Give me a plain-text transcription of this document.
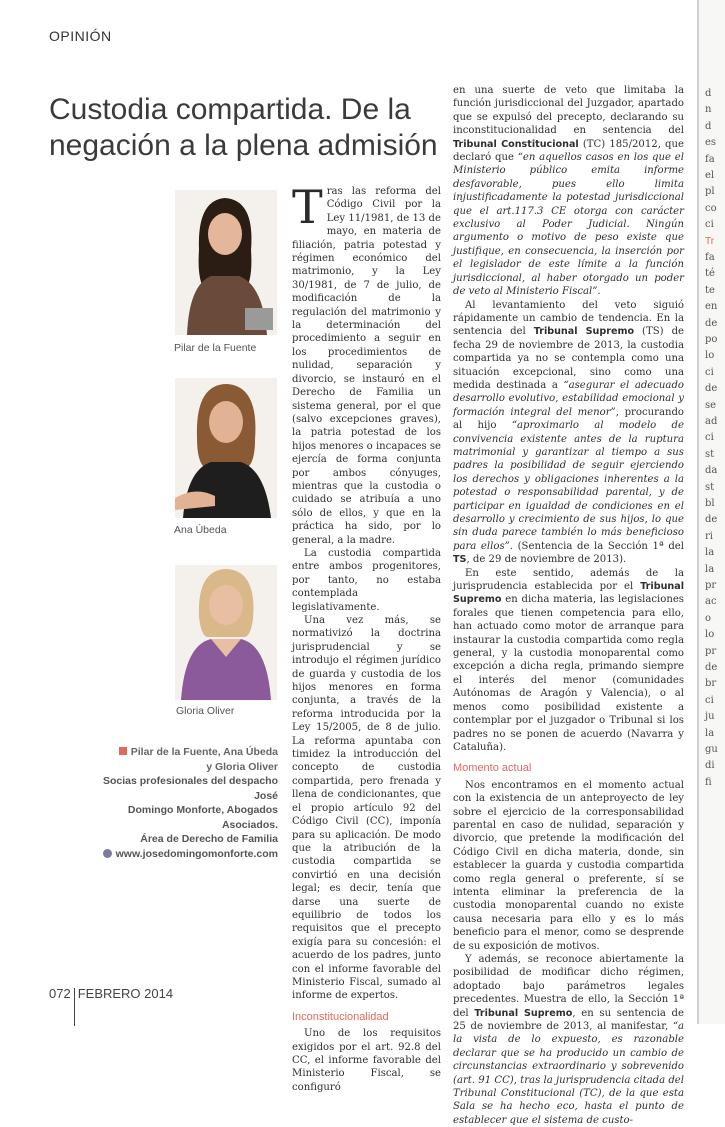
OPINIÓN
Custodia compartida. De la negación a la plena admisión
Pilar de la Fuente
Ana Úbeda
Gloria Oliver
Pilar de la Fuente, Ana Úbeda
y Gloria Oliver
Socias profesionales del despacho José
Domingo Monforte, Abogados Asociados.
Área de Derecho de Familia
www.josedomingomonforte.com

Tras las reforma del Código Civil por la Ley 11/1981, de 13 de mayo, en materia de filiación, patria potestad y régimen económico del matrimonio, y la Ley 30/1981, de 7 de julio, de modificación de la regulación del matrimonio y la determinación del procedimiento a seguir en los procedimientos de nulidad, separación y divorcio, se instauró en el Derecho de Familia un sistema general, por el que (salvo excepciones graves), la patria potestad de los hijos menores o incapaces se ejercía de forma conjunta por ambos cónyuges, mientras que la custodia o cuidado se atribuía a uno sólo de ellos, y que en la práctica ha sido, por lo general, a la madre.

La custodia compartida entre ambos progenitores, por tanto, no estaba contemplada legislativamente.

Una vez más, se normativizó la doctrina jurisprudencial y se introdujo el régimen jurídico de guarda y custodia de los hijos menores en forma conjunta, a través de la reforma introducida por la Ley 15/2005, de 8 de julio. La reforma apuntaba con timidez la introducción del concepto de custodia compartida, pero frenada y llena de condicionantes, que el propio artículo 92 del Código Civil (CC), imponía para su aplicación. De modo que la atribución de la custodia compartida se convirtió en una decisión legal; es decir, tenía que darse una suerte de equilibrio de todos los requisitos que el precepto exigía para su concesión: el acuerdo de los padres, junto con el informe favorable del Ministerio Fiscal, sumado al informe de expertos.

Inconstitucionalidad

Uno de los requisitos exigidos por el art. 92.8 del CC, el informe favorable del Ministerio Fiscal, se configuró

en una suerte de veto que limitaba la función jurisdiccional del Juzgador, apartado que se expulsó del precepto, declarando su inconstitucionalidad en sentencia del Tribunal Constitucional (TC) 185/2012, que declaró que “en aquellos casos en los que el Ministerio público emita informe desfavorable, pues ello limita injustificadamente la potestad jurisdiccional que el art.117.3 CE otorga con carácter exclusivo al Poder Judicial. Ningún argumento o motivo de peso existe que justifique, en consecuencia, la inserción por el legislador de este límite a la función jurisdiccional, al haber otorgado un poder de veto al Ministerio Fiscal”.

Al levantamiento del veto siguió rápidamente un cambio de tendencia. En la sentencia del Tribunal Supremo (TS) de fecha 29 de noviembre de 2013, la custodia compartida ya no se contempla como una situación excepcional, sino como una medida destinada a “asegurar el adecuado desarrollo evolutivo, estabilidad emocional y formación integral del menor”, procurando al hijo “aproximarlo al modelo de convivencia existente antes de la ruptura matrimonial y garantizar al tiempo a sus padres la posibilidad de seguir ejerciendo los derechos y obligaciones inherentes a la potestad o responsabilidad parental, y de participar en igualdad de condiciones en el desarrollo y crecimiento de sus hijos, lo que sin duda parece también lo más beneficioso para ellos”. (Sentencia de la Sección 1ª del TS, de 29 de noviembre de 2013).

En este sentido, además de la jurisprudencia establecida por el Tribunal Supremo en dicha materia, las legislaciones forales que tienen competencia para ello, han actuado como motor de arranque para instaurar la custodia compartida como regla general, y la custodia monoparental como excepción a dicha regla, primando siempre el interés del menor (comunidades Autónomas de Aragón y Valencia), o al menos como posibilidad existente a contemplar por el juzgador o Tribunal si los padres no se ponen de acuerdo (Navarra y Cataluña).

Momento actual

Nos encontramos en el momento actual con la existencia de un anteproyecto de ley sobre el ejercicio de la corresponsabilidad parental en caso de nulidad, separación y divorcio, que pretende la modificación del Código Civil en dicha materia, donde, sin establecer la guarda y custodia compartida como regla general o preferente, sí se intenta eliminar la preferencia de la custodia monoparental cuando no existe causa necesaria para ello y es lo más beneficio para el menor, como se desprende de su exposición de motivos.

Y además, se reconoce abiertamente la posibilidad de modificar dicho régimen, adoptado bajo parámetros legales precedentes. Muestra de ello, la Sección 1ª del Tribunal Supremo, en su sentencia de 25 de noviembre de 2013, al manifestar, “a la vista de lo expuesto, es razonable declarar que se ha producido un cambio de circunstancias extraordinario y sobrevenido (art. 91 CC), tras la jurisprudencia citada del Tribunal Constitucional (TC), de la que esta Sala se ha hecho eco, hasta el punto de establecer que el sistema de custo-

072 FEBRERO 2014
d
n
d
es
fa
el
pl
co
ci
Tr
fa
té
te
en
de
po
lo
ci
de
se
ad
ci
st
da
st
bl
de
ri
la
la
pr
ac
o
lo
pr
de
br
ci
ju
la
gu
di
fi
